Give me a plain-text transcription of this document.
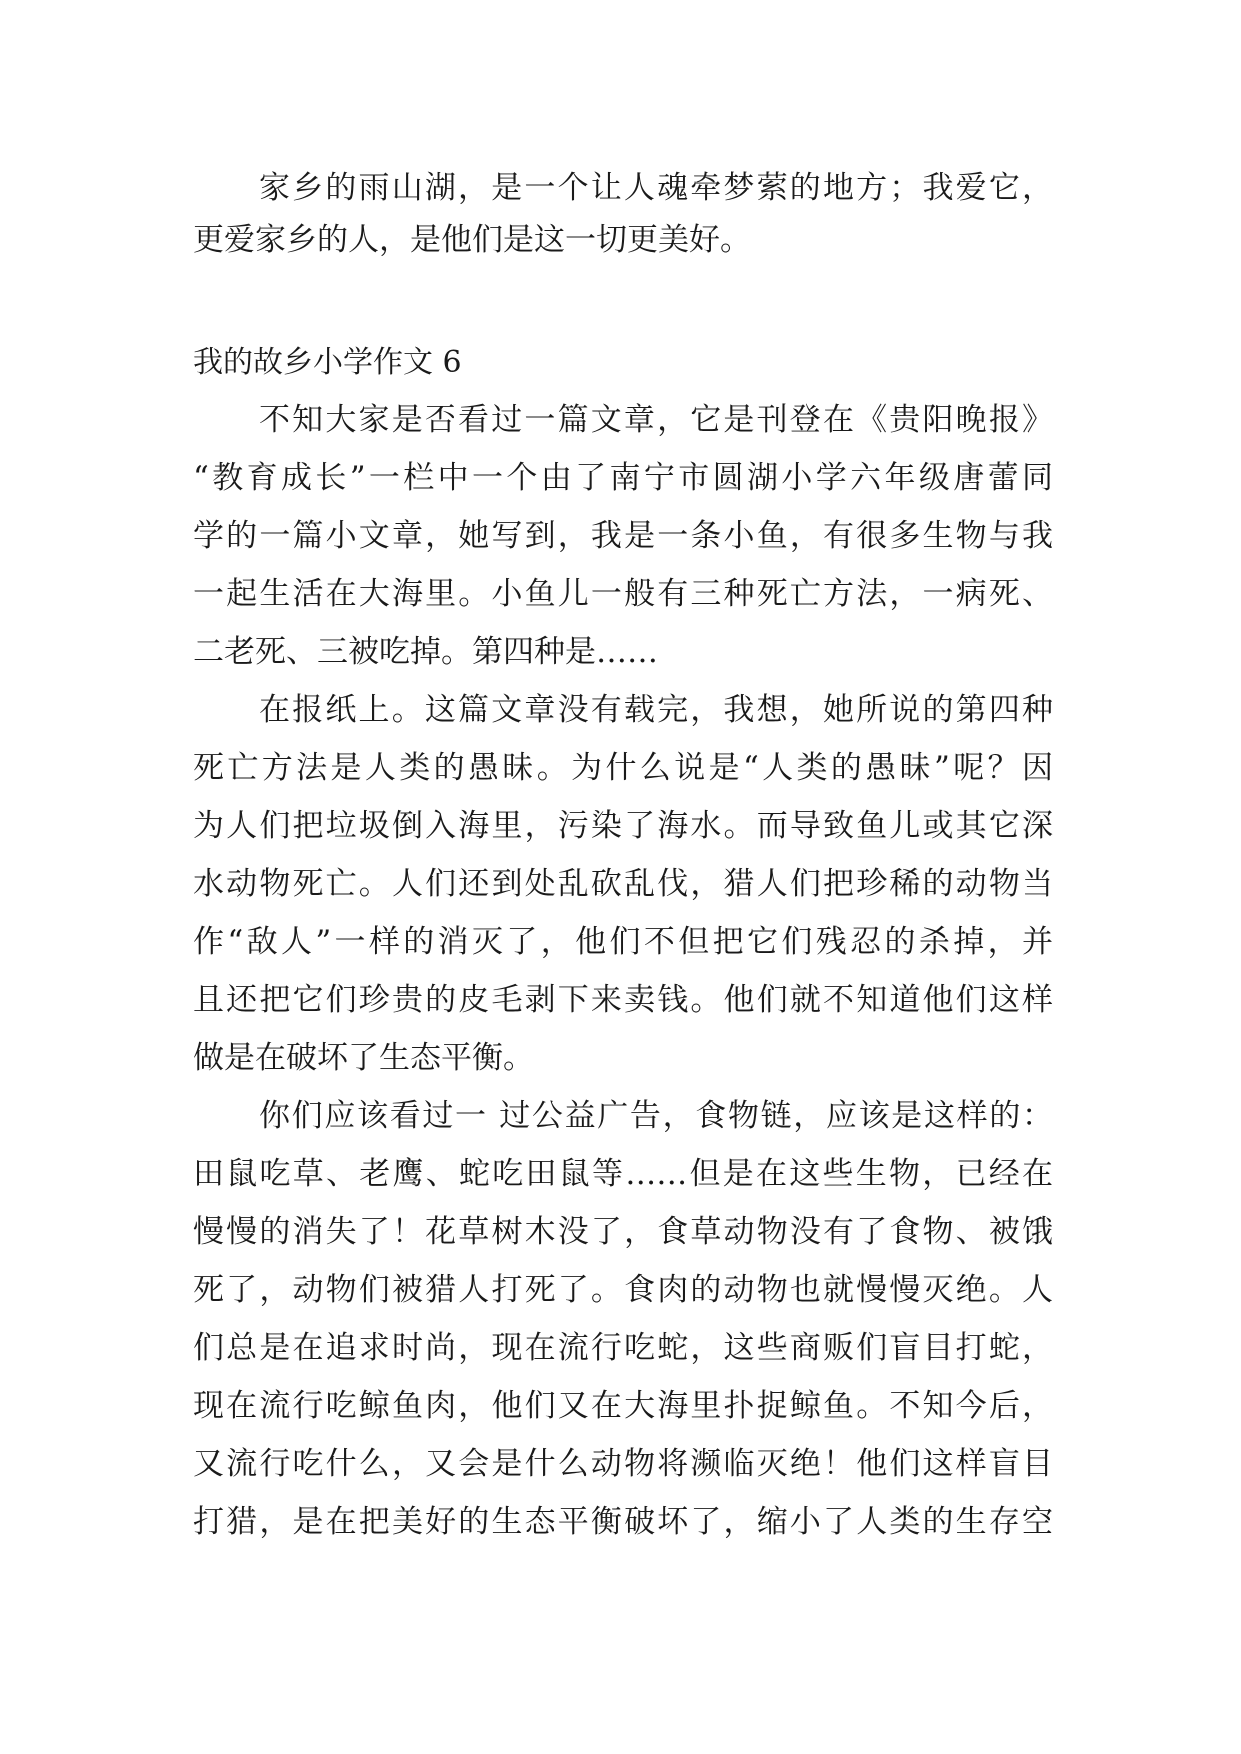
家乡的雨山湖，是一个让人魂牵梦萦的地方；我爱它，
更爱家乡的人，是他们是这一切更美好。
我的故乡小学作文 6
不知大家是否看过一篇文章，它是刊登在《贵阳晚报》
“教育成长”一栏中一个由了南宁市圆湖小学六年级唐蕾同
学的一篇小文章，她写到，我是一条小鱼，有很多生物与我
一起生活在大海里。小鱼儿一般有三种死亡方法，一病死、
二老死、三被吃掉。第四种是……
在报纸上。这篇文章没有载完，我想，她所说的第四种
死亡方法是人类的愚昧。为什么说是“人类的愚昧”呢？因
为人们把垃圾倒入海里，污染了海水。而导致鱼儿或其它深
水动物死亡。人们还到处乱砍乱伐，猎人们把珍稀的动物当
作“敌人”一样的消灭了，他们不但把它们残忍的杀掉，并
且还把它们珍贵的皮毛剥下来卖钱。他们就不知道他们这样
做是在破坏了生态平衡。
你们应该看过一 过公益广告，食物链，应该是这样的：
田鼠吃草、老鹰、蛇吃田鼠等……但是在这些生物，已经在
慢慢的消失了！花草树木没了，食草动物没有了食物、被饿
死了，动物们被猎人打死了。食肉的动物也就慢慢灭绝。人
们总是在追求时尚，现在流行吃蛇，这些商贩们盲目打蛇，
现在流行吃鲸鱼肉，他们又在大海里扑捉鲸鱼。不知今后，
又流行吃什么，又会是什么动物将濒临灭绝！他们这样盲目
打猎，是在把美好的生态平衡破坏了，缩小了人类的生存空
